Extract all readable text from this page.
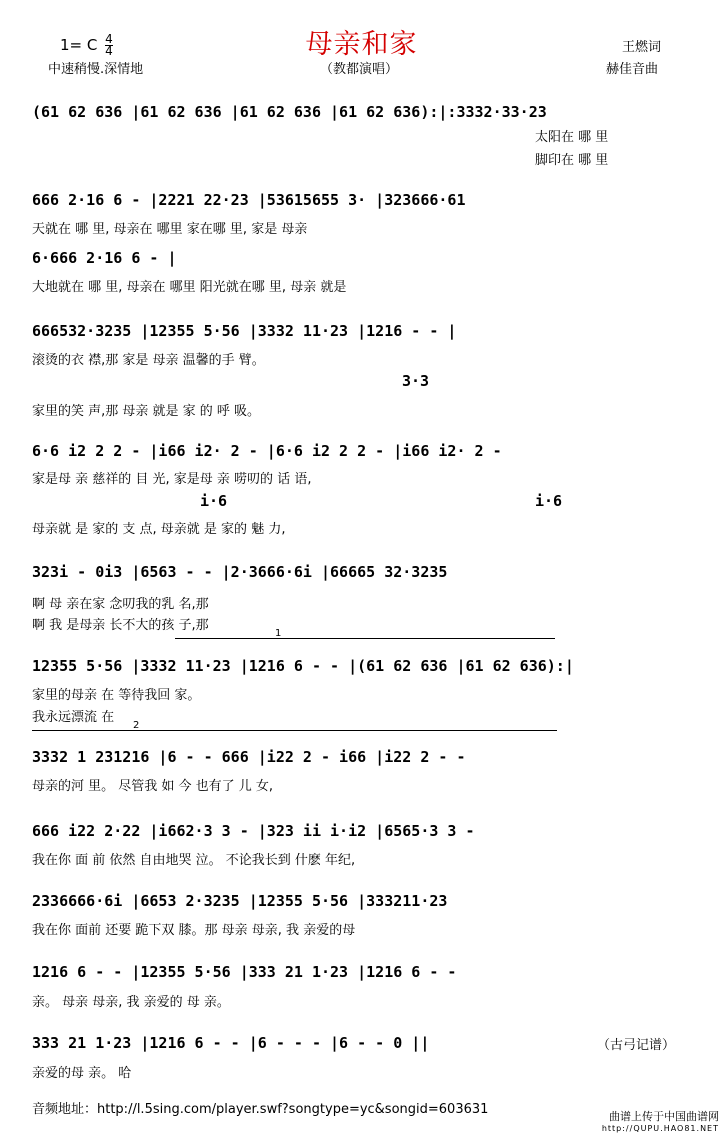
母亲和家
1= C $\frac{4}{4}$
中速稍慢.深情地	（教都演唱）
王燃词
赫佳音曲
(61 62 636 |61 62 636 |61 62 636 |61 62 636):|:3332·33·23
太阳在 哪 里
脚印在 哪 里
666 2·16 6 - |2221 22·23 |53615655 3· |323666·61
天就在 哪 里, 母亲在 哪里 家在哪 里, 家是 母亲
6·666 2·16 6 - |
大地就在 哪 里, 母亲在 哪里 阳光就在哪 里, 母亲 就是
666532·3235 |12355 5·56 |3332 11·23 |1216 - - |
滚烫的衣 襟,那 家是 母亲 温馨的手 臂。
3·3
家里的笑 声,那 母亲 就是 家 的 呼 吸。
6·6 i2 2 2 - |i66 i2· 2 - |6·6 i2 2 2 - |i66 i2· 2 -
家是母 亲 慈祥的 目 光, 家是母 亲 唠叨的 话 语,
i·6	i·6
母亲就 是 家的 支 点, 母亲就 是 家的 魅 力,
323i - 0i3 |6563 - - |2·3666·6i |66665 32·3235
啊 母 亲在家 念叨我的乳 名,那
啊 我 是母亲 长不大的孩 子,那
1
12355 5·56 |3332 11·23 |1216 6 - - |(61 62 636 |61 62 636):|
家里的母亲 在 等待我回 家。
我永远漂流 在
2
3332 1 231216 |6 - - 666 |i22 2 - i66 |i22 2 - -
母亲的河 里。 尽管我 如 今 也有了 儿 女,
666 i22 2·22 |i662·3 3 - |323 ii i·i2 |6565·3 3 -
我在你 面 前 依然 自由地哭 泣。 不论我长到 什麽 年纪,
2336666·6i |6653 2·3235 |12355 5·56 |333211·23
我在你 面前 还要 跪下双 膝。那 母亲 母亲, 我 亲爱的母
1216 6 - - |12355 5·56 |333 21 1·23 |1216 6 - -
亲。 母亲 母亲, 我 亲爱的 母 亲。
333 21 1·23 |1216 6 - - |6 - - - |6 - - 0 ||
亲爱的母 亲。 哈
（古弓记谱）
音频地址：http://l.5sing.com/player.swf?songtype=yc&songid=603631	曲谱上传于中国曲谱网
http://QUPU.HAO81.NET
